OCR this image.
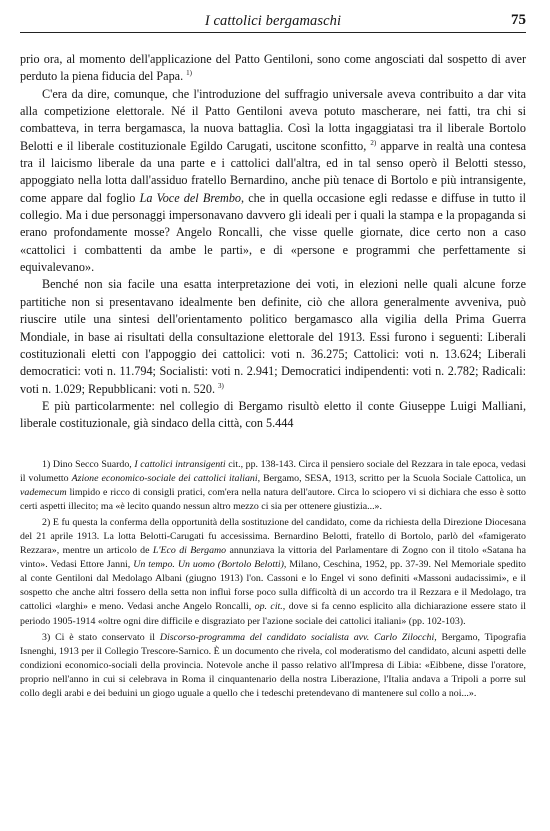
I cattolici bergamaschi	75

prio ora, al momento dell'applicazione del Patto Gentiloni, sono come angosciati dal sospetto di aver perduto la piena fiducia del Papa. $^{1)}$

C'era da dire, comunque, che l'introduzione del suffragio universale aveva contribuito a dar vita alla competizione elettorale. Né il Patto Gentiloni aveva potuto mascherare, nei fatti, tra chi si combatteva, in terra bergamasca, la nuova battaglia. Così la lotta ingaggiatasi tra il liberale Bortolo Belotti e il liberale costituzionale Egildo Carugati, uscitone sconfitto, $^{2)}$ apparve in realtà una contesa tra il laicismo liberale da una parte e i cattolici dall'altra, ed in tal senso operò il Belotti stesso, appoggiato nella lotta dall'assiduo fratello Bernardino, anche più tenace di Bortolo e più intransigente, come appare dal foglio La Voce del Brembo, che in quella occasione egli redasse e diffuse in tutto il collegio. Ma i due personaggi impersonavano davvero gli ideali per i quali la stampa e la propaganda si erano profondamente mosse? Angelo Roncalli, che visse quelle giornate, dice certo non a caso «cattolici i combattenti da ambe le parti», e di «persone e programmi che perfettamente si equivalevano».

Benché non sia facile una esatta interpretazione dei voti, in elezioni nelle quali alcune forze partitiche non si presentavano idealmente ben definite, ciò che allora generalmente avveniva, può riuscire utile una sintesi dell'orientamento politico bergamasco alla vigilia della Prima Guerra Mondiale, in base ai risultati della consultazione elettorale del 1913. Essi furono i seguenti: Liberali costituzionali eletti con l'appoggio dei cattolici: voti n. 36.275; Cattolici: voti n. 13.624; Liberali democratici: voti n. 11.794; Socialisti: voti n. 2.941; Democratici indipendenti: voti n. 2.782; Radicali: voti n. 1.029; Repubblicani: voti n. 520. $^{3)}$

E più particolarmente: nel collegio di Bergamo risultò eletto il conte Giuseppe Luigi Malliani, liberale costituzionale, già sindaco della città, con 5.444

1) Dino Secco Suardo, I cattolici intransigenti cit., pp. 138-143. Circa il pensiero sociale del Rezzara in tale epoca, vedasi il volumetto Azione economico-sociale dei cattolici italiani, Bergamo, SESA, 1913, scritto per la Scuola Sociale Cattolica, un vademecum limpido e ricco di consigli pratici, com'era nella natura dell'autore. Circa lo sciopero vi si dichiara che esso è sotto certi aspetti illecito; ma «è lecito quando nessun altro mezzo ci sia per ottenere giustizia...».

2) E fu questa la conferma della opportunità della sostituzione del candidato, come da richiesta della Direzione Diocesana del 21 aprile 1913. La lotta Belotti-Carugati fu accesissima. Bernardino Belotti, fratello di Bortolo, parlò del «famigerato Rezzara», mentre un articolo de L'Eco di Bergamo annunziava la vittoria del Parlamentare di Zogno con il titolo «Satana ha vinto». Vedasi Ettore Janni, Un tempo. Un uomo (Bortolo Belotti), Milano, Ceschina, 1952, pp. 37-39. Nel Memoriale spedito al conte Gentiloni dal Medolago Albani (giugno 1913) l'on. Cassoni e lo Engel vi sono definiti «Massoni audacissimi», e il sospetto che anche altri fossero della setta non influì forse poco sulla difficoltà di un accordo tra il Rezzara e il Medolago, tra cattolici «larghi» e meno. Vedasi anche Angelo Roncalli, op. cit., dove si fa cenno esplicito alla dichiarazione essere stato il periodo 1905-1914 «oltre ogni dire difficile e disgraziato per l'azione sociale dei cattolici italiani» (pp. 102-103).

3) Ci è stato conservato il Discorso-programma del candidato socialista avv. Carlo Zilocchi, Bergamo, Tipografia Isnenghi, 1913 per il Collegio Trescore-Sarnico. È un documento che rivela, col moderatismo del candidato, alcuni aspetti delle condizioni economico-sociali della provincia. Notevole anche il passo relativo all'Impresa di Libia: «Eibbene, disse l'oratore, proprio nell'anno in cui si celebrava in Roma il cinquantenario della nostra Liberazione, l'Italia andava a Tripoli a porre sul collo degli arabi e dei beduini un giogo uguale a quello che i tedeschi pretendevano di mantenere sul collo a noi...».
